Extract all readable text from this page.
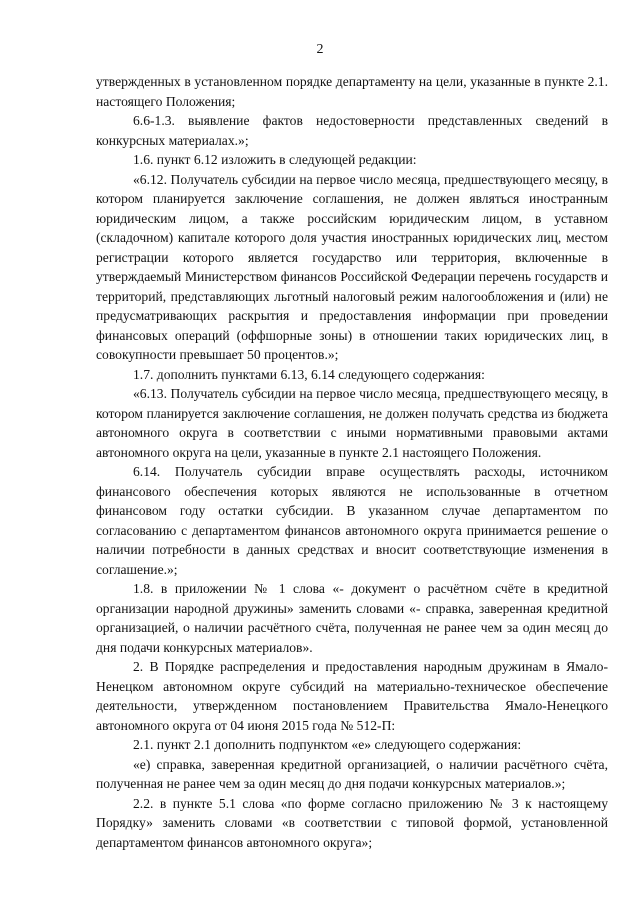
2

утвержденных в установленном порядке департаменту на цели, указанные в пункте 2.1. настоящего Положения;

6.6-1.3. выявление фактов недостоверности представленных сведений в конкурсных материалах.»;

1.6. пункт 6.12 изложить в следующей редакции:

«6.12. Получатель субсидии на первое число месяца, предшествующего месяцу, в котором планируется заключение соглашения, не должен являться иностранным юридическим лицом, а также российским юридическим лицом, в уставном (складочном) капитале которого доля участия иностранных юридических лиц, местом регистрации которого является государство или территория, включенные в утверждаемый Министерством финансов Российской Федерации перечень государств и территорий, представляющих льготный налоговый режим налогообложения и (или) не предусматривающих раскрытия и предоставления информации при проведении финансовых операций (оффшорные зоны) в отношении таких юридических лиц, в совокупности превышает 50 процентов.»;

1.7. дополнить пунктами 6.13, 6.14 следующего содержания:

«6.13. Получатель субсидии на первое число месяца, предшествующего месяцу, в котором планируется заключение соглашения, не должен получать средства из бюджета автономного округа в соответствии с иными нормативными правовыми актами автономного округа на цели, указанные в пункте 2.1 настоящего Положения.

6.14. Получатель субсидии вправе осуществлять расходы, источником финансового обеспечения которых являются не использованные в отчетном финансовом году остатки субсидии. В указанном случае департаментом по согласованию с департаментом финансов автономного округа принимается решение о наличии потребности в данных средствах и вносит соответствующие изменения в соглашение.»;

1.8. в приложении № 1 слова «- документ о расчётном счёте в кредитной организации народной дружины» заменить словами «- справка, заверенная кредитной организацией, о наличии расчётного счёта, полученная не ранее чем за один месяц до дня подачи конкурсных материалов».

2. В Порядке распределения и предоставления народным дружинам в Ямало-Ненецком автономном округе субсидий на материально-техническое обеспечение деятельности, утвержденном постановлением Правительства Ямало-Ненецкого автономного округа от 04 июня 2015 года № 512-П:

2.1. пункт 2.1 дополнить подпунктом «е» следующего содержания:

«е) справка, заверенная кредитной организацией, о наличии расчётного счёта, полученная не ранее чем за один месяц до дня подачи конкурсных материалов.»;

2.2. в пункте 5.1 слова «по форме согласно приложению № 3 к настоящему Порядку» заменить словами «в соответствии с типовой формой, установленной департаментом финансов автономного округа»;
